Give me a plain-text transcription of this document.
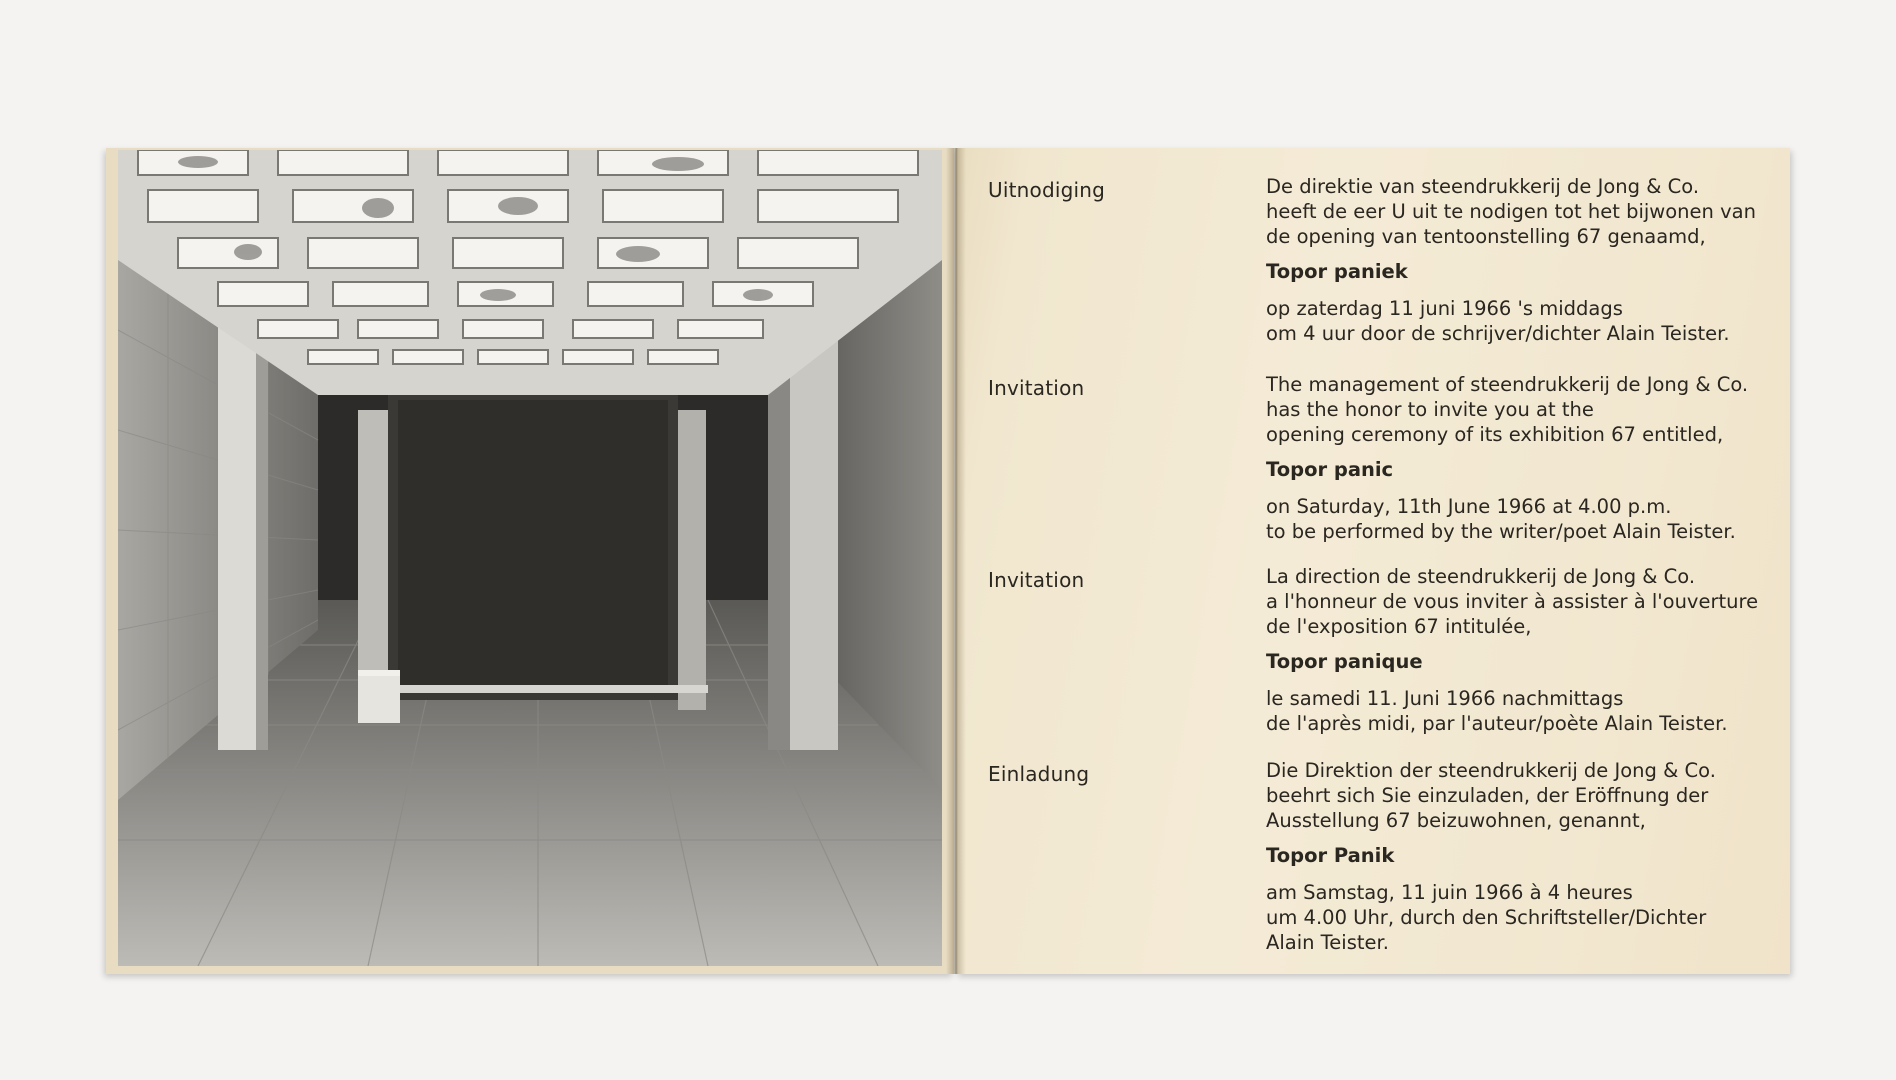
Uitnodiging	De direktie van steendrukkerij de Jong & Co.

heeft de eer U uit te nodigen tot het bijwonen van

de opening van tentoonstelling 67 genaamd,

Topor paniek

op zaterdag 11 juni 1966 's middags

om 4 uur door de schrijver/dichter Alain Teister.

Invitation	The management of steendrukkerij de Jong & Co.

has the honor to invite you at the

opening ceremony of its exhibition 67 entitled,

Topor panic

on Saturday, 11th June 1966 at 4.00 p.m.

to be performed by the writer/poet Alain Teister.

Invitation	La direction de steendrukkerij de Jong & Co.

a l'honneur de vous inviter à assister à l'ouverture

de l'exposition 67 intitulée,

Topor panique

le samedi 11. Juni 1966 nachmittags

de l'après midi, par l'auteur/poète Alain Teister.

Einladung	Die Direktion der steendrukkerij de Jong & Co.

beehrt sich Sie einzuladen, der Eröffnung der

Ausstellung 67 beizuwohnen, genannt,

Topor Panik

am Samstag, 11 juin 1966 à 4 heures

um 4.00 Uhr, durch den Schriftsteller/Dichter

Alain Teister.
